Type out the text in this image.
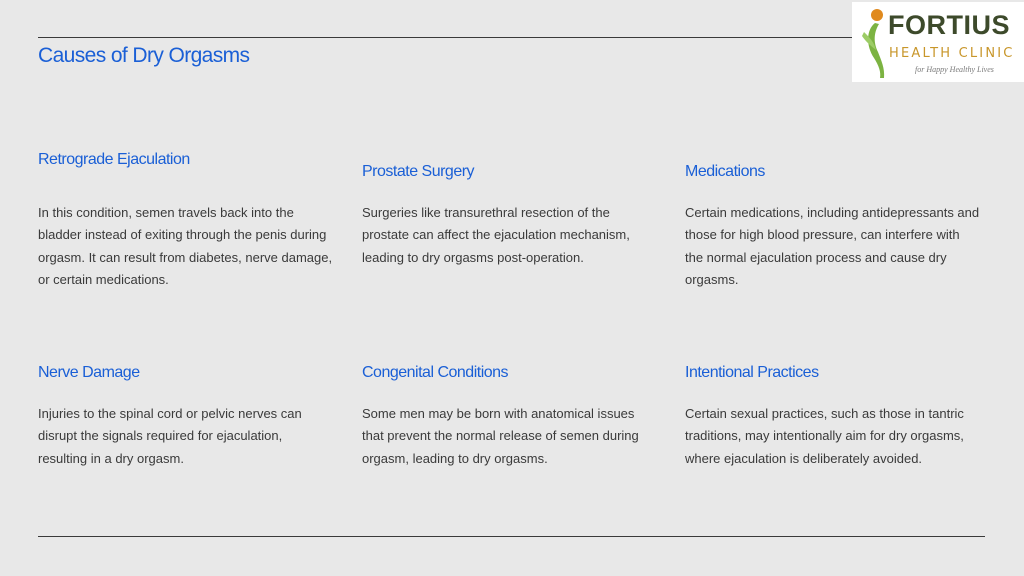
Causes of Dry Orgasms
FORTIUS
HEALTH CLINIC
for Happy Healthy Lives
Retrograde Ejaculation
In this condition, semen travels back into the bladder instead of exiting through the penis during orgasm. It can result from diabetes, nerve damage, or certain medications.
Prostate Surgery
Surgeries like transurethral resection of the prostate can affect the ejaculation mechanism, leading to dry orgasms post-operation.
Medications
Certain medications, including antidepressants and those for high blood pressure, can interfere with the normal ejaculation process and cause dry orgasms.
Nerve Damage
Injuries to the spinal cord or pelvic nerves can disrupt the signals required for ejaculation, resulting in a dry orgasm.
Congenital Conditions
Some men may be born with anatomical issues that prevent the normal release of semen during orgasm, leading to dry orgasms.
Intentional Practices
Certain sexual practices, such as those in tantric traditions, may intentionally aim for dry orgasms, where ejaculation is deliberately avoided.
